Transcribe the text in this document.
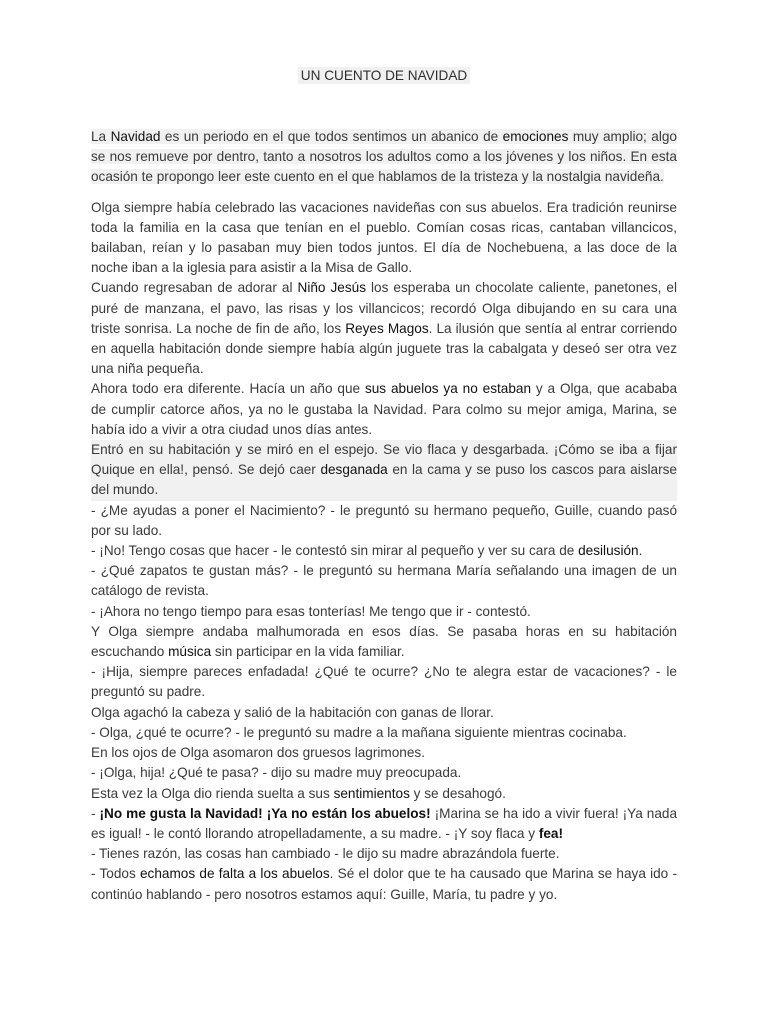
UN CUENTO DE NAVIDAD

La Navidad es un periodo en el que todos sentimos un abanico de emociones muy amplio; algo se nos remueve por dentro, tanto a nosotros los adultos como a los jóvenes y los niños. En esta ocasión te propongo leer este cuento en el que hablamos de la tristeza y la nostalgia navideña.

Olga siempre había celebrado las vacaciones navideñas con sus abuelos. Era tradición reunirse toda la familia en la casa que tenían en el pueblo. Comían cosas ricas, cantaban villancicos, bailaban, reían y lo pasaban muy bien todos juntos. El día de Nochebuena, a las doce de la noche iban a la iglesia para asistir a la Misa de Gallo.

Cuando regresaban de adorar al Niño Jesús los esperaba un chocolate caliente, panetones, el puré de manzana, el pavo, las risas y los villancicos; recordó Olga dibujando en su cara una triste sonrisa. La noche de fin de año, los Reyes Magos. La ilusión que sentía al entrar corriendo en aquella habitación donde siempre había algún juguete tras la cabalgata y deseó ser otra vez una niña pequeña.

Ahora todo era diferente. Hacía un año que sus abuelos ya no estaban y a Olga, que acababa de cumplir catorce años, ya no le gustaba la Navidad. Para colmo su mejor amiga, Marina, se había ido a vivir a otra ciudad unos días antes.

Entró en su habitación y se miró en el espejo. Se vio flaca y desgarbada. ¡Cómo se iba a fijar Quique en ella!, pensó. Se dejó caer desganada en la cama y se puso los cascos para aislarse del mundo.

- ¿Me ayudas a poner el Nacimiento? - le preguntó su hermano pequeño, Guille, cuando pasó por su lado.

- ¡No! Tengo cosas que hacer - le contestó sin mirar al pequeño y ver su cara de desilusión.

- ¿Qué zapatos te gustan más? - le preguntó su hermana María señalando una imagen de un catálogo de revista.

- ¡Ahora no tengo tiempo para esas tonterías! Me tengo que ir - contestó.

Y Olga siempre andaba malhumorada en esos días. Se pasaba horas en su habitación escuchando música sin participar en la vida familiar.

- ¡Hija, siempre pareces enfadada! ¿Qué te ocurre? ¿No te alegra estar de vacaciones? - le preguntó su padre.

Olga agachó la cabeza y salió de la habitación con ganas de llorar.

- Olga, ¿qué te ocurre? - le preguntó su madre a la mañana siguiente mientras cocinaba.

En los ojos de Olga asomaron dos gruesos lagrimones.

- ¡Olga, hija! ¿Qué te pasa? - dijo su madre muy preocupada.

Esta vez la Olga dio rienda suelta a sus sentimientos y se desahogó.

- ¡No me gusta la Navidad! ¡Ya no están los abuelos! ¡Marina se ha ido a vivir fuera! ¡Ya nada es igual! - le contó llorando atropelladamente, a su madre. - ¡Y soy flaca y fea!

- Tienes razón, las cosas han cambiado - le dijo su madre abrazándola fuerte.

- Todos echamos de falta a los abuelos. Sé el dolor que te ha causado que Marina se haya ido - continúo hablando - pero nosotros estamos aquí: Guille, María, tu padre y yo.
